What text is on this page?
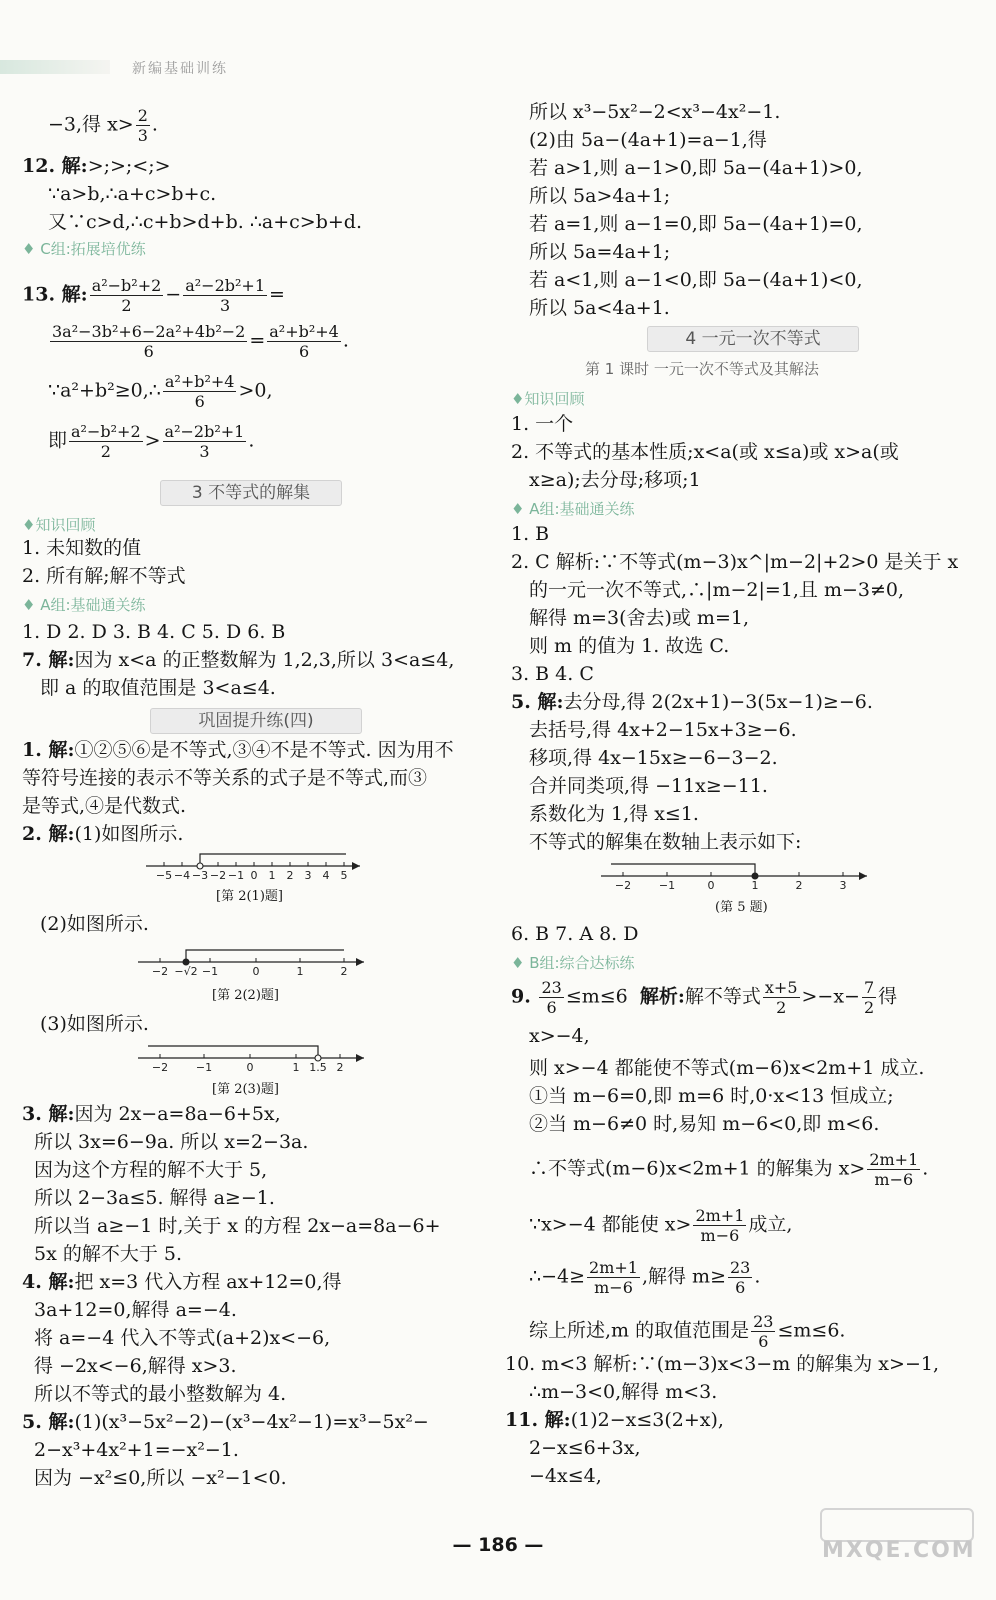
新编基础训练
−3,得 $x> \frac{2}{3}$ .
12. 解:>;>;<;>
∵a>b,∴a+c>b+c.
又∵c>d,∴c+b>d+b. ∴a+c>b+d.
♦ C组:拓展培优练
13. 解: $\frac{\text{a²−b²+2}}{2} - \frac{\text{a²−2b²+1}}{3}$ =
$\frac{\text{3a²−3b²+6−2a²+4b²−2}}{6} = \frac{\text{a²+b²+4}}{6}$ .
∵a²+b²≥0,∴ $\frac{\text{a²+b²+4}}{6} >0$,
即 $\frac{\text{a²−b²+2}}{2} > \frac{\text{a²−2b²+1}}{3}$ .
3 不等式的解集
♦知识回顾
1. 未知数的值
2. 所有解;解不等式
♦ A组:基础通关练
1. D 2. D 3. B 4. C 5. D 6. B
7. 解:因为 x<a 的正整数解为 1,2,3,所以 3<a≤4,
即 a 的取值范围是 3<a≤4.
巩固提升练(四)
1. 解:①②⑤⑥是不等式,③④不是不等式. 因为用不
等符号连接的表示不等关系的式子是不等式,而③
是等式,④是代数式.
2. 解:(1)如图所示.
−5 −4 −3 −2 −1 0 1 2 3 4 5
[第 2(1)题]
(2)如图所示.
−2 −√2 −1	0	1	2
[第 2(2)题]
(3)如图所示.
−2	−1	0	1 1.5 2
[第 2(3)题]
3. 解:因为 2x−a=8a−6+5x,
所以 3x=6−9a. 所以 x=2−3a.
因为这个方程的解不大于 5,
所以 2−3a≤5. 解得 a≥−1.
所以当 a≥−1 时,关于 x 的方程 2x−a=8a−6+
5x 的解不大于 5.
4. 解:把 x=3 代入方程 ax+12=0,得
3a+12=0,解得 a=−4.
将 a=−4 代入不等式(a+2)x<−6,
得 −2x<−6,解得 x>3.
所以不等式的最小整数解为 4.
5. 解:(1)(x³−5x²−2)−(x³−4x²−1)=x³−5x²−
2−x³+4x²+1=−x²−1.
因为 −x²≤0,所以 −x²−1<0.
所以 x³−5x²−2<x³−4x²−1.
(2)由 5a−(4a+1)=a−1,得
若 a>1,则 a−1>0,即 5a−(4a+1)>0,
所以 5a>4a+1;
若 a=1,则 a−1=0,即 5a−(4a+1)=0,
所以 5a=4a+1;
若 a<1,则 a−1<0,即 5a−(4a+1)<0,
所以 5a<4a+1.
4 一元一次不等式
第 1 课时 一元一次不等式及其解法
♦知识回顾
1. 一个
2. 不等式的基本性质;x<a(或 x≤a)或 x>a(或
x≥a);去分母;移项;1
♦ A组:基础通关练
1. B
2. C 解析:∵不等式(m−3)x^|m−2|+2>0 是关于 x
的一元一次不等式,∴|m−2|=1,且 m−3≠0,
解得 m=3(舍去)或 m=1,
则 m 的值为 1. 故选 C.
3. B 4. C
5. 解:去分母,得 2(2x+1)−3(5x−1)≥−6.
去括号,得 4x+2−15x+3≥−6.
移项,得 4x−15x≥−6−3−2.
合并同类项,得 −11x≥−11.
系数化为 1,得 x≤1.
不等式的解集在数轴上表示如下:
−2	−1	0	1	2	3
(第 5 题)
6. B 7. A 8. D
♦ B组:综合达标练
9. $\frac{23}{6} \le m\le 6$ 解析:解不等式 $\frac{x+5}{2} >-x- \frac{7}{2}$ 得
x>−4,
则 x>−4 都能使不等式(m−6)x<2m+1 成立.
①当 m−6=0,即 m=6 时,0·x<13 恒成立;
②当 m−6≠0 时,易知 m−6<0,即 m<6.
∴不等式(m−6)x<2m+1 的解集为 $x> \frac{2m+1}{m-6}$ .
∵x>−4 都能使 $x> \frac{2m+1}{m-6}$ 成立,
∴−4≥ $\frac{2m+1}{m-6}$ ,解得 $m\ge \frac{23}{6}$ .
综上所述,m 的取值范围是 $\frac{23}{6} \le m\le 6$.
10. m<3 解析:∵(m−3)x<3−m 的解集为 x>−1,
∴m−3<0,解得 m<3.
11. 解:(1)2−x≤3(2+x),
2−x≤6+3x,
−4x≤4,
— 186 —	MXQE.COM
